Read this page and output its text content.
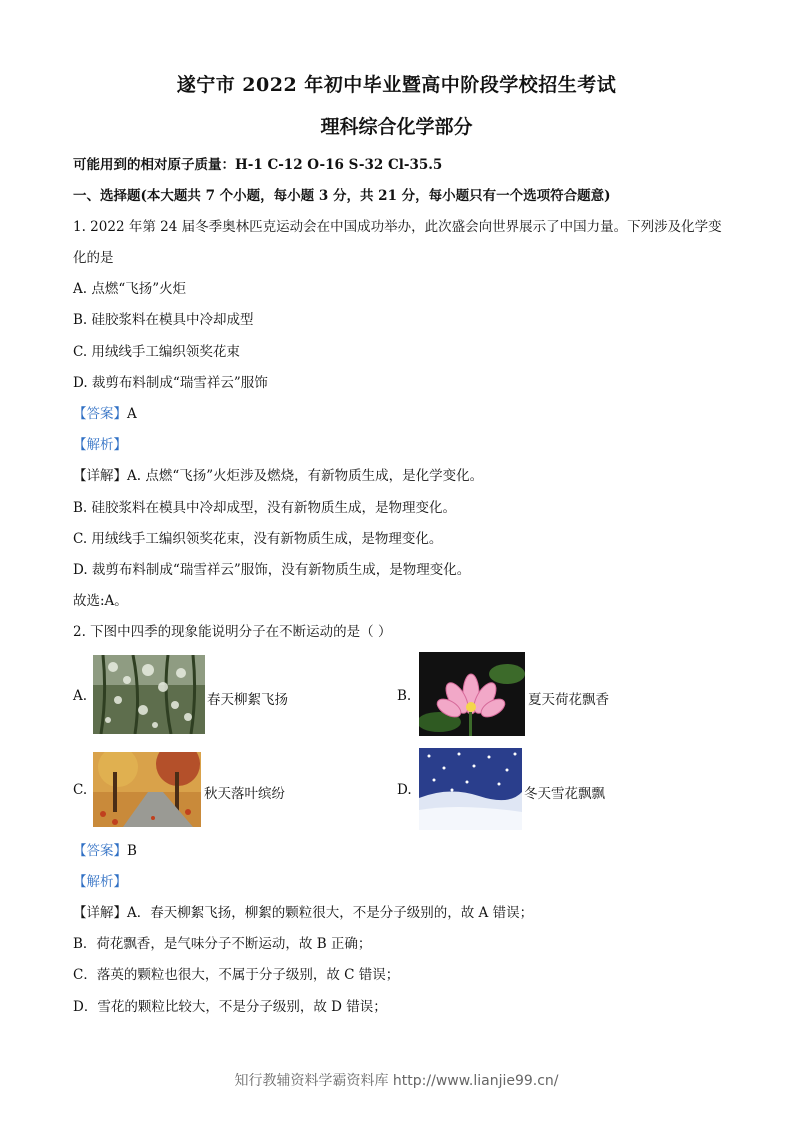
遂宁市 2022 年初中毕业暨高中阶段学校招生考试
理科综合化学部分
可能用到的相对原子质量：H-1 C-12 O-16 S-32 Cl-35.5
一、选择题(本大题共 7 个小题，每小题 3 分，共 21 分，每小题只有一个选项符合题意)
1. 2022 年第 24 届冬季奥林匹克运动会在中国成功举办，此次盛会向世界展示了中国力量。下列涉及化学变
化的是
A. 点燃“飞扬”火炬
B. 硅胶浆料在模具中冷却成型
C. 用绒线手工编织领奖花束
D. 裁剪布料制成“瑞雪祥云”服饰
【答案】A
【解析】
【详解】A. 点燃“飞扬”火炬涉及燃烧，有新物质生成，是化学变化。
B. 硅胶浆料在模具中冷却成型，没有新物质生成，是物理变化。
C. 用绒线手工编织领奖花束，没有新物质生成，是物理变化。
D. 裁剪布料制成“瑞雪祥云”服饰，没有新物质生成，是物理变化。
故选:A。
2. 下图中四季的现象能说明分子在不断运动的是（ ）
A.	春天柳絮飞扬	B.	夏天荷花飘香
C.	秋天落叶缤纷	D.	冬天雪花飘飘
【答案】B
【解析】
【详解】A．春天柳絮飞扬，柳絮的颗粒很大，不是分子级别的，故 A 错误；
B．荷花飘香，是气味分子不断运动，故 B 正确；
C．落英的颗粒也很大，不属于分子级别，故 C 错误；
D．雪花的颗粒比较大，不是分子级别，故 D 错误；
知行教辅资料学霸资料库 http://www.lianjie99.cn/
